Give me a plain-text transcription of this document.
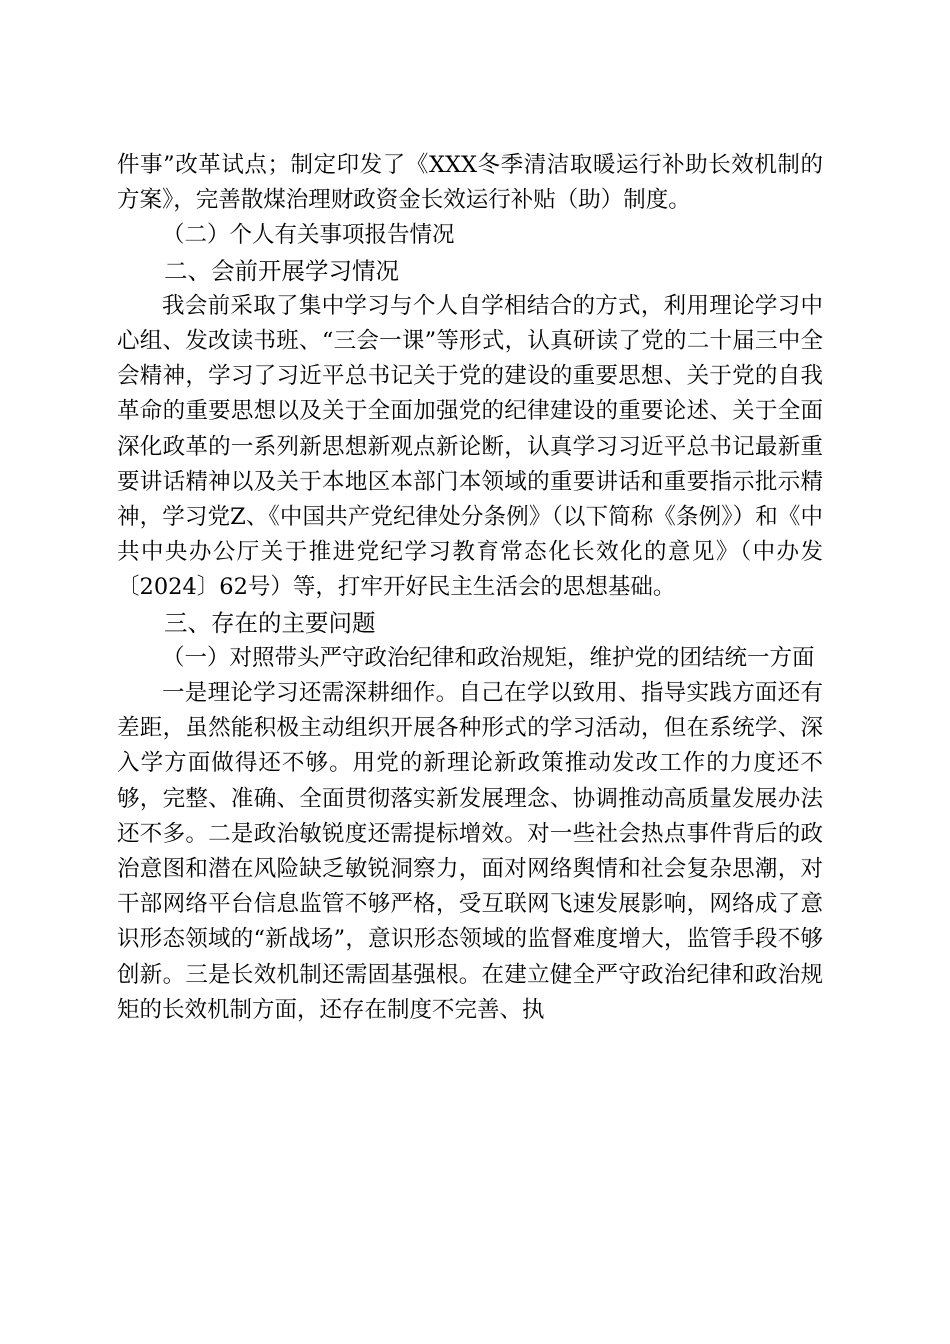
件事”改革试点；制定印发了《XXX冬季清洁取暖运行补助长效机制的方案》，完善散煤治理财政资金长效运行补贴（助）制度。

（二）个人有关事项报告情况

二、会前开展学习情况

我会前采取了集中学习与个人自学相结合的方式，利用理论学习中心组、发改读书班、“三会一课”等形式，认真研读了党的二十届三中全会精神，学习了习近平总书记关于党的建设的重要思想、关于党的自我革命的重要思想以及关于全面加强党的纪律建设的重要论述、关于全面深化政革的一系列新思想新观点新论断，认真学习习近平总书记最新重要讲话精神以及关于本地区本部门本领域的重要讲话和重要指示批示精神，学习党Z、《中国共产党纪律处分条例》（以下简称《条例》）和《中共中央办公厅关于推进党纪学习教育常态化长效化的意见》（中办发〔2024〕62号）等，打牢开好民主生活会的思想基础。

三、存在的主要问题

（一）对照带头严守政治纪律和政治规矩，维护党的团结统一方面

一是理论学习还需深耕细作。自己在学以致用、指导实践方面还有差距，虽然能积极主动组织开展各种形式的学习活动，但在系统学、深入学方面做得还不够。用党的新理论新政策推动发改工作的力度还不够，完整、准确、全面贯彻落实新发展理念、协调推动高质量发展办法还不多。二是政治敏锐度还需提标增效。对一些社会热点事件背后的政治意图和潜在风险缺乏敏锐洞察力，面对网络舆情和社会复杂思潮，对干部网络平台信息监管不够严格，受互联网飞速发展影响，网络成了意识形态领域的“新战场”，意识形态领域的监督难度增大，监管手段不够创新。三是长效机制还需固基强根。在建立健全严守政治纪律和政治规矩的长效机制方面，还存在制度不完善、执
